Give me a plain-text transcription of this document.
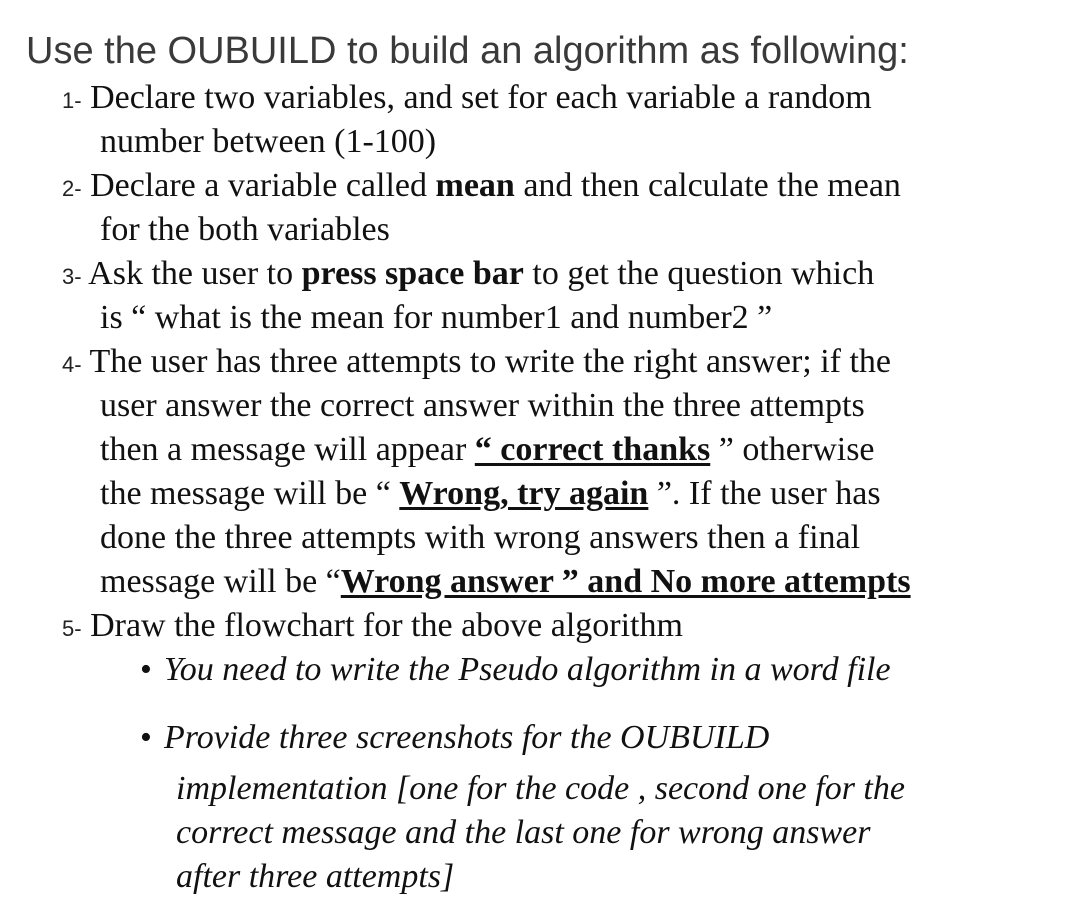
Use the OUBUILD to build an algorithm as following:
1- Declare two variables, and set for each variable a random
number between (1-100)
2- Declare a variable called mean and then calculate the mean
for the both variables
3- Ask the user to press space bar to get the question which
is “ what is the mean for number1 and number2 ”
4- The user has three attempts to write the right answer; if the
user answer the correct answer within the three attempts
then a message will appear “ correct thanks ” otherwise
the message will be “ Wrong, try again ”. If the user has
done the three attempts with wrong answers then a final
message will be “Wrong answer ” and No more attempts
5- Draw the flowchart for the above algorithm
• You need to write the Pseudo algorithm in a word file
• Provide three screenshots for the OUBUILD
implementation [one for the code , second one for the
correct message and the last one for wrong answer
after three attempts]
